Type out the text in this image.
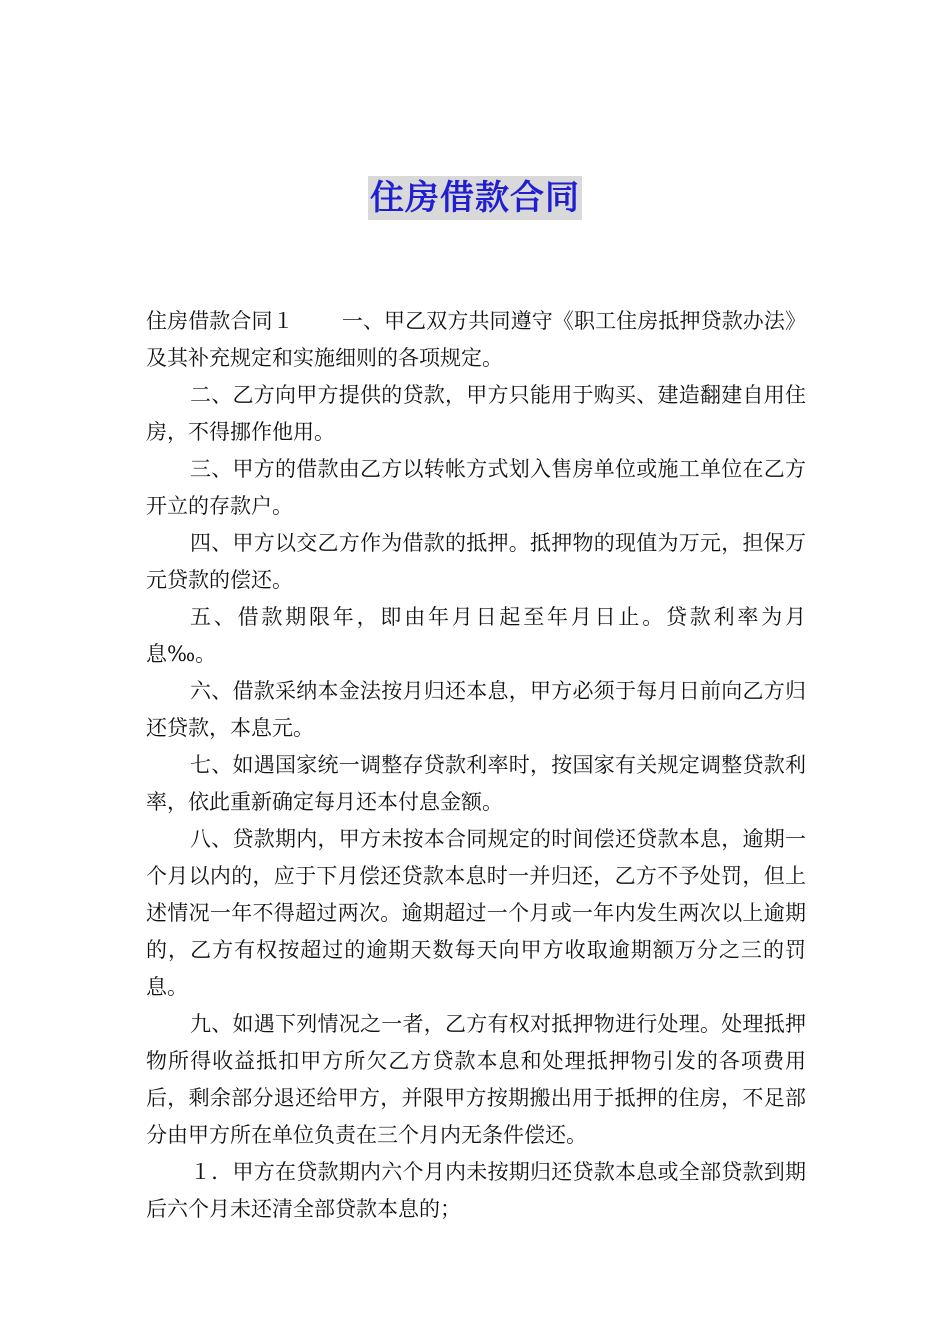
住房借款合同

住房借款合同１ 一、甲乙双方共同遵守《职工住房抵押贷款办法》及其补充规定和实施细则的各项规定。

二、乙方向甲方提供的贷款，甲方只能用于购买、建造翻建自用住房，不得挪作他用。

三、甲方的借款由乙方以转帐方式划入售房单位或施工单位在乙方开立的存款户。

四、甲方以交乙方作为借款的抵押。抵押物的现值为万元，担保万元贷款的偿还。

五、借款期限年，即由年月日起至年月日止。贷款利率为月息‰。

六、借款采纳本金法按月归还本息，甲方必须于每月日前向乙方归还贷款，本息元。

七、如遇国家统一调整存贷款利率时，按国家有关规定调整贷款利率，依此重新确定每月还本付息金额。

八、贷款期内，甲方未按本合同规定的时间偿还贷款本息，逾期一个月以内的，应于下月偿还贷款本息时一并归还，乙方不予处罚，但上述情况一年不得超过两次。逾期超过一个月或一年内发生两次以上逾期的，乙方有权按超过的逾期天数每天向甲方收取逾期额万分之三的罚息。

九、如遇下列情况之一者，乙方有权对抵押物进行处理。处理抵押物所得收益抵扣甲方所欠乙方贷款本息和处理抵押物引发的各项费用后，剩余部分退还给甲方，并限甲方按期搬出用于抵押的住房，不足部分由甲方所在单位负责在三个月内无条件偿还。

１．甲方在贷款期内六个月内未按期归还贷款本息或全部贷款到期后六个月未还清全部贷款本息的；
